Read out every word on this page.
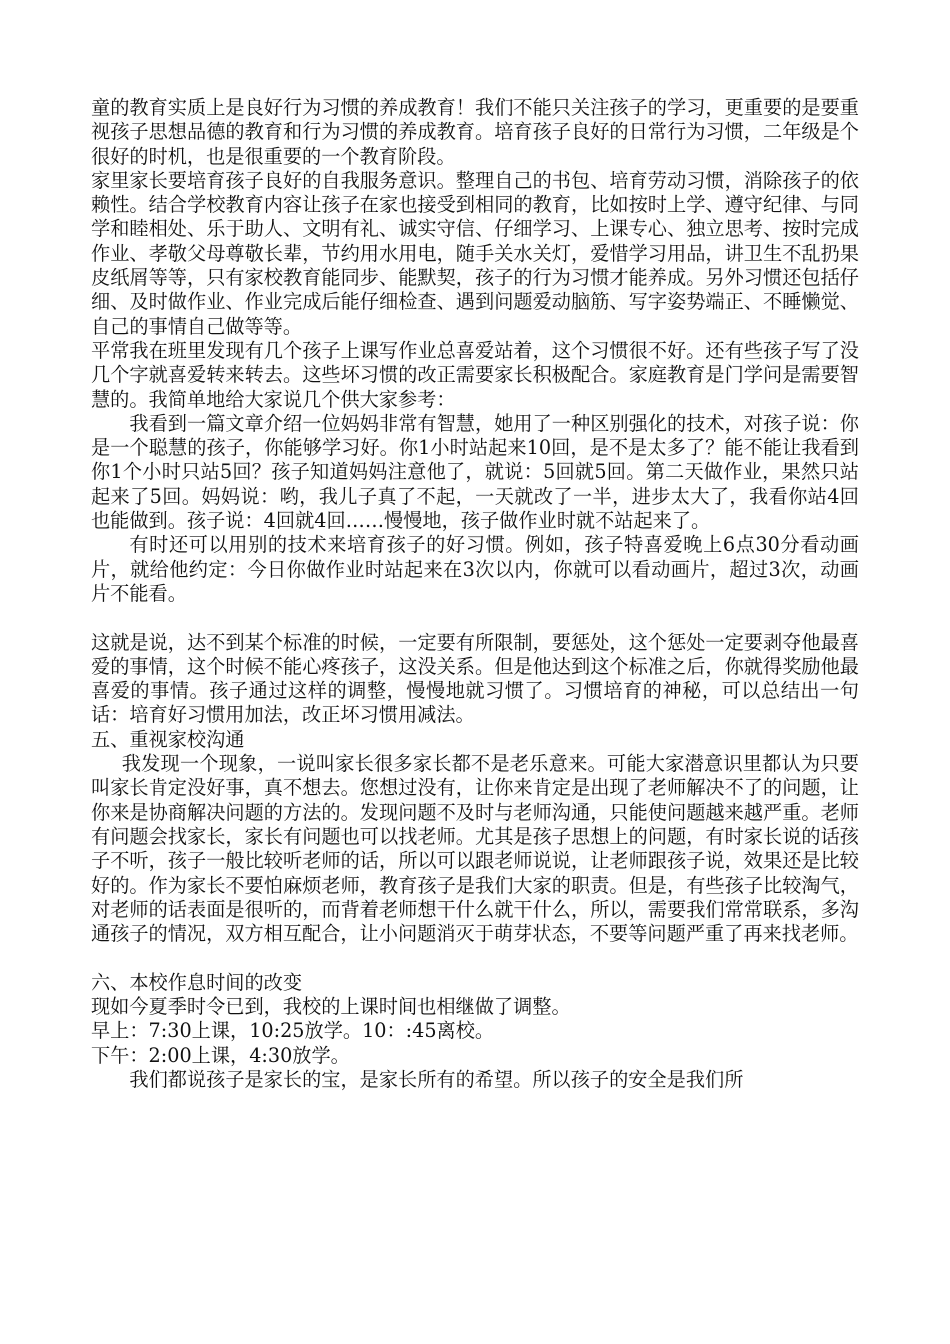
童的教育实质上是良好行为习惯的养成教育！我们不能只关注孩子的学习，更重要的是要重视孩子思想品德的教育和行为习惯的养成教育。培育孩子良好的日常行为习惯，二年级是个很好的时机，也是很重要的一个教育阶段。

家里家长要培育孩子良好的自我服务意识。整理自己的书包、培育劳动习惯，消除孩子的依赖性。结合学校教育内容让孩子在家也接受到相同的教育，比如按时上学、遵守纪律、与同学和睦相处、乐于助人、文明有礼、诚实守信、仔细学习、上课专心、独立思考、按时完成作业、孝敬父母尊敬长辈，节约用水用电，随手关水关灯，爱惜学习用品，讲卫生不乱扔果皮纸屑等等，只有家校教育能同步、能默契，孩子的行为习惯才能养成。另外习惯还包括仔细、及时做作业、作业完成后能仔细检查、遇到问题爱动脑筋、写字姿势端正、不睡懒觉、自己的事情自己做等等。

平常我在班里发现有几个孩子上课写作业总喜爱站着，这个习惯很不好。还有些孩子写了没几个字就喜爱转来转去。这些坏习惯的改正需要家长积极配合。家庭教育是门学问是需要智慧的。我简单地给大家说几个供大家参考：

我看到一篇文章介绍一位妈妈非常有智慧，她用了一种区别强化的技术，对孩子说：你是一个聪慧的孩子，你能够学习好。你1小时站起来10回，是不是太多了？能不能让我看到你1个小时只站5回？孩子知道妈妈注意他了，就说：5回就5回。第二天做作业，果然只站起来了5回。妈妈说：哟，我儿子真了不起，一天就改了一半，进步太大了，我看你站4回也能做到。孩子说：4回就4回……慢慢地，孩子做作业时就不站起来了。

有时还可以用别的技术来培育孩子的好习惯。例如，孩子特喜爱晚上6点30分看动画片，就给他约定：今日你做作业时站起来在3次以内，你就可以看动画片，超过3次，动画片不能看。

这就是说，达不到某个标准的时候，一定要有所限制，要惩处，这个惩处一定要剥夺他最喜爱的事情，这个时候不能心疼孩子，这没关系。但是他达到这个标准之后，你就得奖励他最喜爱的事情。孩子通过这样的调整，慢慢地就习惯了。习惯培育的神秘，可以总结出一句话：培育好习惯用加法，改正坏习惯用减法。

五、重视家校沟通

我发现一个现象，一说叫家长很多家长都不是老乐意来。可能大家潜意识里都认为只要叫家长肯定没好事，真不想去。您想过没有，让你来肯定是出现了老师解决不了的问题，让你来是协商解决问题的方法的。发现问题不及时与老师沟通，只能使问题越来越严重。老师有问题会找家长，家长有问题也可以找老师。尤其是孩子思想上的问题，有时家长说的话孩子不听，孩子一般比较听老师的话，所以可以跟老师说说，让老师跟孩子说，效果还是比较好的。作为家长不要怕麻烦老师，教育孩子是我们大家的职责。但是，有些孩子比较淘气，对老师的话表面是很听的，而背着老师想干什么就干什么，所以，需要我们常常联系，多沟通孩子的情况，双方相互配合，让小问题消灭于萌芽状态，不要等问题严重了再来找老师。

六、本校作息时间的改变

现如今夏季时令已到，我校的上课时间也相继做了调整。

早上：7:30上课，10:25放学。10：:45离校。

下午：2:00上课，4:30放学。

我们都说孩子是家长的宝，是家长所有的希望。所以孩子的安全是我们所
